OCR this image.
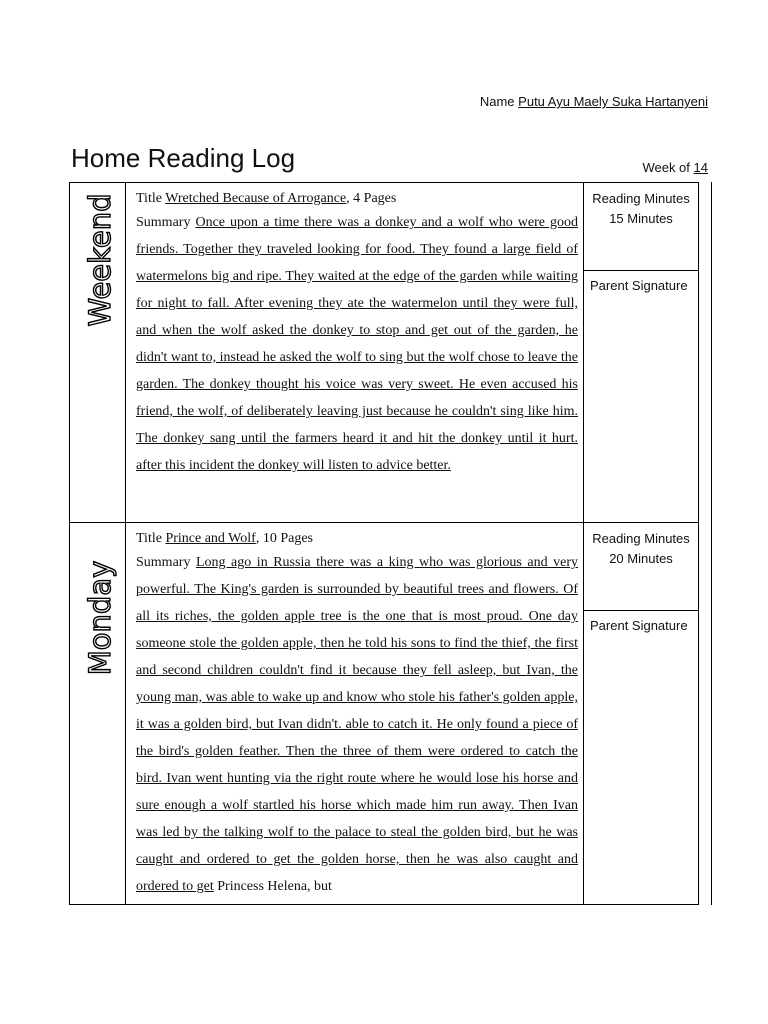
Name Putu Ayu Maely Suka Hartanyeni
Home Reading Log	Week of 14
Weekend Title Wretched Because of Arrogance, 4 Pages

Summary Once upon a time there was a donkey and a wolf who were good friends. Together they traveled looking for food. They found a large field of watermelons big and ripe. They waited at the edge of the garden while waiting for night to fall. After evening they ate the watermelon until they were full, and when the wolf asked the donkey to stop and get out of the garden, he didn't want to, instead he asked the wolf to sing but the wolf chose to leave the garden. The donkey thought his voice was very sweet. He even accused his friend, the wolf, of deliberately leaving just because he couldn't sing like him. The donkey sang until the farmers heard it and hit the donkey until it hurt. after this incident the donkey will listen to advice better.

Reading Minutes
15 Minutes
Parent Signature
Monday

Title Prince and Wolf, 10 Pages

Summary Long ago in Russia there was a king who was glorious and very powerful. The King's garden is surrounded by beautiful trees and flowers. Of all its riches, the golden apple tree is the one that is most proud. One day someone stole the golden apple, then he told his sons to find the thief, the first and second children couldn't find it because they fell asleep, but Ivan, the young man, was able to wake up and know who stole his father's golden apple, it was a golden bird, but Ivan didn't. able to catch it. He only found a piece of the bird's golden feather. Then the three of them were ordered to catch the bird. Ivan went hunting via the right route where he would lose his horse and sure enough a wolf startled his horse which made him run away. Then Ivan was led by the talking wolf to the palace to steal the golden bird, but he was caught and ordered to get the golden horse, then he was also caught and ordered to get Princess Helena, but

Reading Minutes
20 Minutes
Parent Signature
